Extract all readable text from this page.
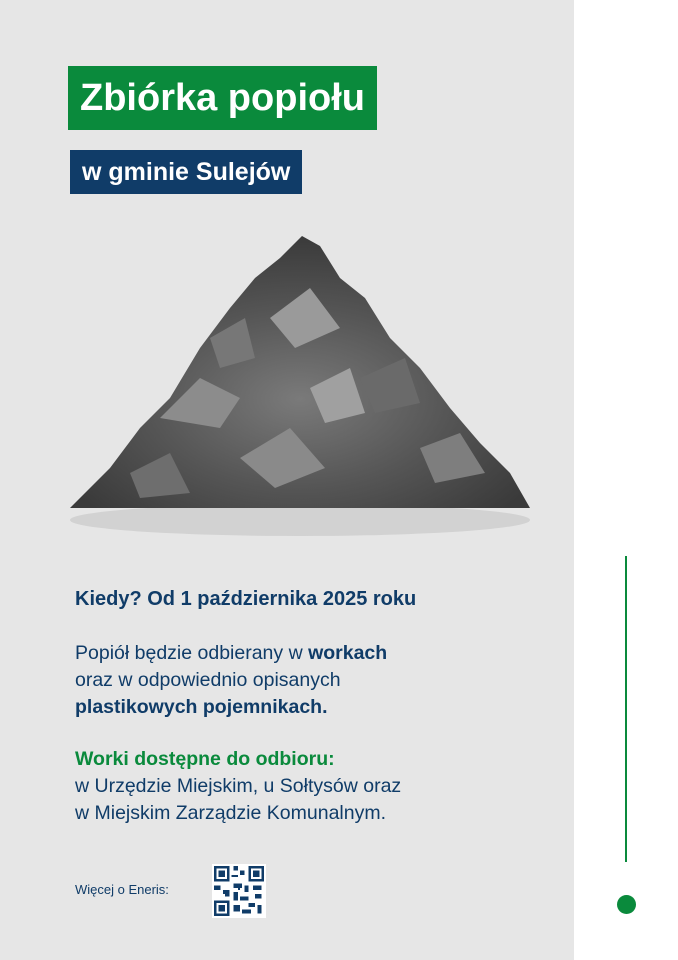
Zbiórka popiołu
w gminie Sulejów
Kiedy? Od 1 października 2025 roku
Popiół będzie odbierany w workach
oraz w odpowiednio opisanych
plastikowych pojemnikach.
Worki dostępne do odbioru:
w Urzędzie Miejskim, u Sołtysów oraz
w Miejskim Zarządzie Komunalnym.
Więcej o Eneris:
